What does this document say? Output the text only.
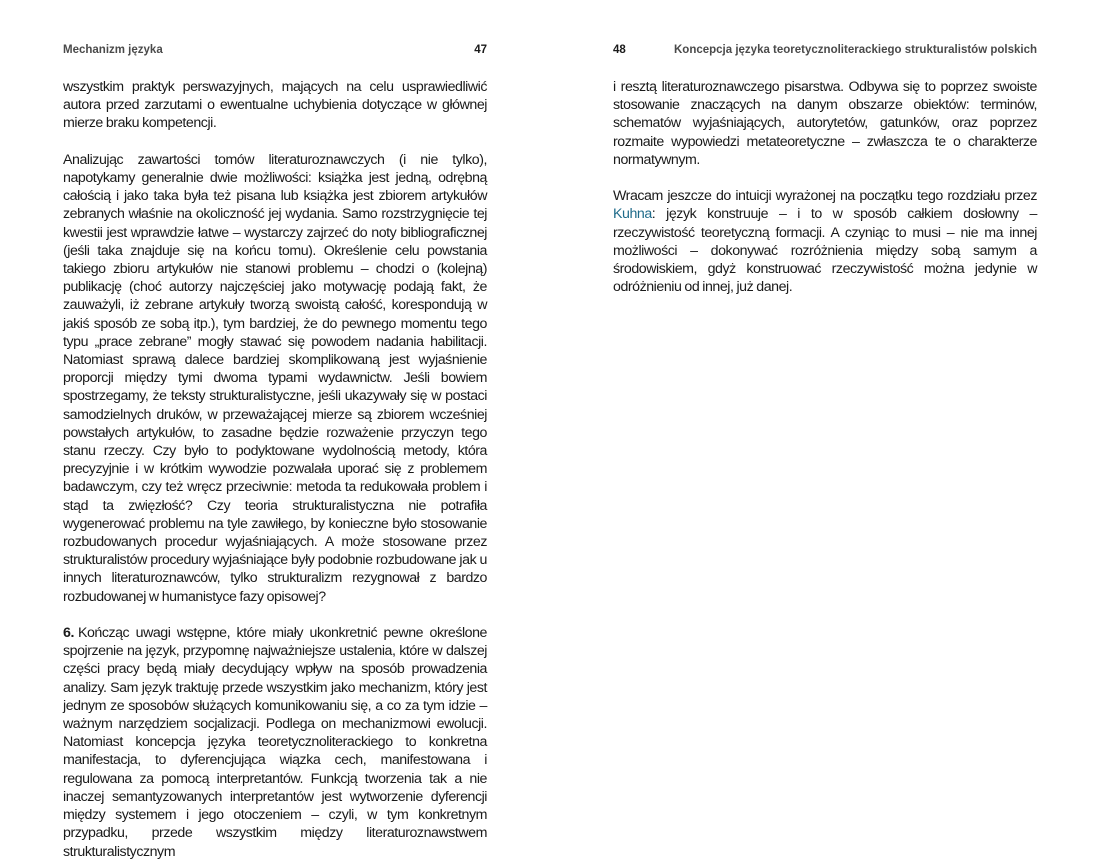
Mechanizm języka	47

wszystkim praktyk perswazyjnych, mających na celu usprawiedliwić autora przed zarzutami o ewentualne uchybienia dotyczące w głównej mierze braku kompetencji.

Analizując zawartości tomów literaturoznawczych (i nie tylko), napotykamy generalnie dwie możliwości: książka jest jedną, odrębną całością i jako taka była też pisana lub książka jest zbiorem artykułów zebranych właśnie na okoliczność jej wydania. Samo rozstrzygnięcie tej kwestii jest wprawdzie łatwe – wystarczy zajrzeć do noty bibliograficznej (jeśli taka znajduje się na końcu tomu). Określenie celu powstania takiego zbioru artykułów nie stanowi problemu – chodzi o (kolejną) publikację (choć autorzy najczęściej jako motywację podają fakt, że zauważyli, iż zebrane artykuły tworzą swoistą całość, korespondują w jakiś sposób ze sobą itp.), tym bardziej, że do pewnego momentu tego typu „prace zebrane” mogły stawać się powodem nadania habilitacji. Natomiast sprawą dalece bardziej skomplikowaną jest wyjaśnienie proporcji między tymi dwoma typami wydawnictw. Jeśli bowiem spostrzegamy, że teksty strukturalistyczne, jeśli ukazywały się w postaci samodzielnych druków, w przeważającej mierze są zbiorem wcześniej powstałych artykułów, to zasadne będzie rozważenie przyczyn tego stanu rzeczy. Czy było to podyktowane wydolnością metody, która precyzyjnie i w krótkim wywodzie pozwalała uporać się z problemem badawczym, czy też wręcz przeciwnie: metoda ta redukowała problem i stąd ta zwięzłość? Czy teoria strukturalistyczna nie potrafiła wygenerować problemu na tyle zawiłego, by konieczne było stosowanie rozbudowanych procedur wyjaśniających. A może stosowane przez strukturalistów procedury wyjaśniające były podobnie rozbudowane jak u innych literaturoznawców, tylko strukturalizm rezygnował z bardzo rozbudowanej w humanistyce fazy opisowej?

6. Kończąc uwagi wstępne, które miały ukonkretnić pewne określone spojrzenie na język, przypomnę najważniejsze ustalenia, które w dalszej części pracy będą miały decydujący wpływ na sposób prowadzenia analizy. Sam język traktuję przede wszystkim jako mechanizm, który jest jednym ze sposobów służących komunikowaniu się, a co za tym idzie – ważnym narzędziem socjalizacji. Podlega on mechanizmowi ewolucji. Natomiast koncepcja języka teoretycznoliterackiego to konkretna manifestacja, to dyferencjująca wiązka cech, manifestowana i regulowana za pomocą interpretantów. Funkcją tworzenia tak a nie inaczej semantyzowanych interpretantów jest wytworzenie dyferencji między systemem i jego otoczeniem – czyli, w tym konkretnym przypadku, przede wszystkim między literaturoznawstwem strukturalistycznym

48	Koncepcja języka teoretycznoliterackiego strukturalistów polskich

i resztą literaturoznawczego pisarstwa. Odbywa się to poprzez swoiste stosowanie znaczących na danym obszarze obiektów: terminów, schematów wyjaśniających, autorytetów, gatunków, oraz poprzez rozmaite wypowiedzi metateoretyczne – zwłaszcza te o charakterze normatywnym.

Wracam jeszcze do intuicji wyrażonej na początku tego rozdziału przez Kuhna: język konstruuje – i to w sposób całkiem dosłowny – rzeczywistość teoretyczną formacji. A czyniąc to musi – nie ma innej możliwości – dokonywać rozróżnienia między sobą samym a środowiskiem, gdyż konstruować rzeczywistość można jedynie w odróżnieniu od innej, już danej.
